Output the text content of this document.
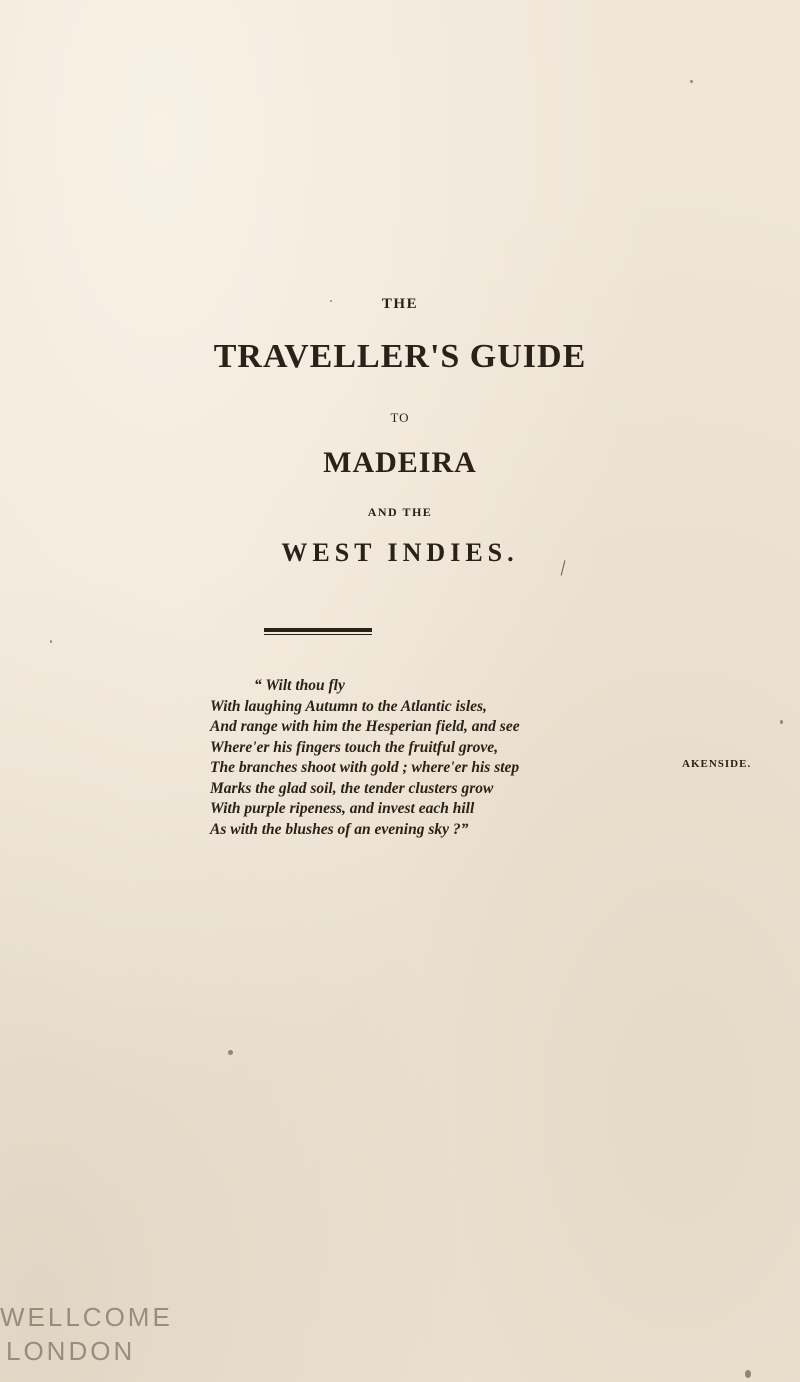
THE
TRAVELLER'S GUIDE
TO
MADEIRA
AND THE
WEST INDIES.
/
“ Wilt thou fly
With laughing Autumn to the Atlantic isles,
And range with him the Hesperian field, and see
Where'er his fingers touch the fruitful grove,
The branches shoot with gold ; where'er his step
Marks the glad soil, the tender clusters grow
With purple ripeness, and invest each hill
As with the blushes of an evening sky ?”
AKENSIDE.
WELLCOME
LONDON
